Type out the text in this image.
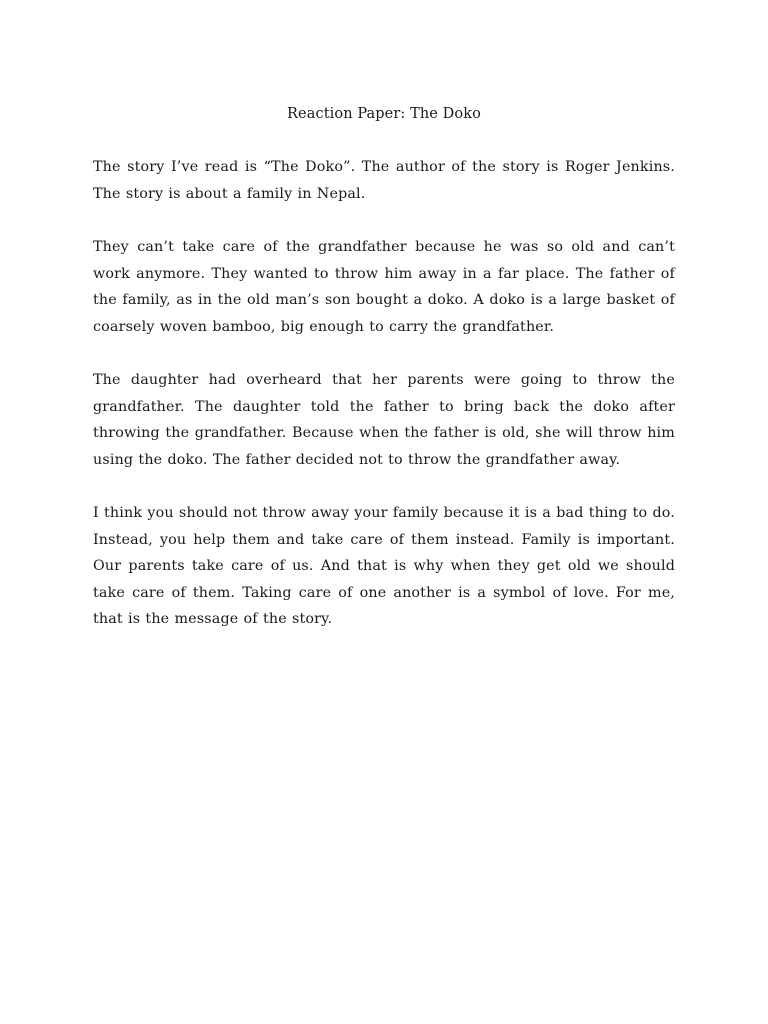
Reaction Paper: The Doko

The story I’ve read is “The Doko”. The author of the story is Roger Jenkins. The story is about a family in Nepal.

They can’t take care of the grandfather because he was so old and can’t work anymore. They wanted to throw him away in a far place. The father of the family, as in the old man’s son bought a doko. A doko is a large basket of coarsely woven bamboo, big enough to carry the grandfather.

The daughter had overheard that her parents were going to throw the grandfather. The daughter told the father to bring back the doko after throwing the grandfather. Because when the father is old, she will throw him using the doko. The father decided not to throw the grandfather away.

I think you should not throw away your family because it is a bad thing to do. Instead, you help them and take care of them instead. Family is important. Our parents take care of us. And that is why when they get old we should take care of them. Taking care of one another is a symbol of love. For me, that is the message of the story.
